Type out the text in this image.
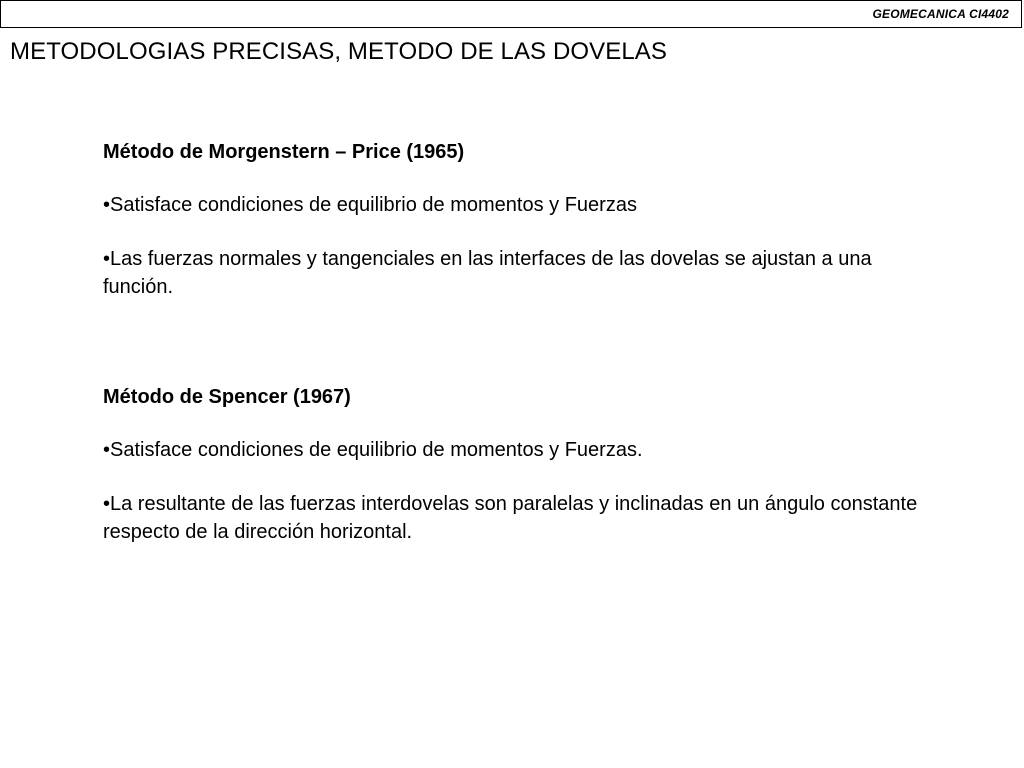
GEOMECANICA CI4402
METODOLOGIAS PRECISAS, METODO DE LAS DOVELAS

Método de Morgenstern – Price (1965)

•Satisface condiciones de equilibrio de momentos y Fuerzas

•Las fuerzas normales y tangenciales en las interfaces de las dovelas se ajustan a una función.

Método de Spencer (1967)

•Satisface condiciones de equilibrio de momentos y Fuerzas.

•La resultante de las fuerzas interdovelas son paralelas y inclinadas en un ángulo constante respecto de la dirección horizontal.
